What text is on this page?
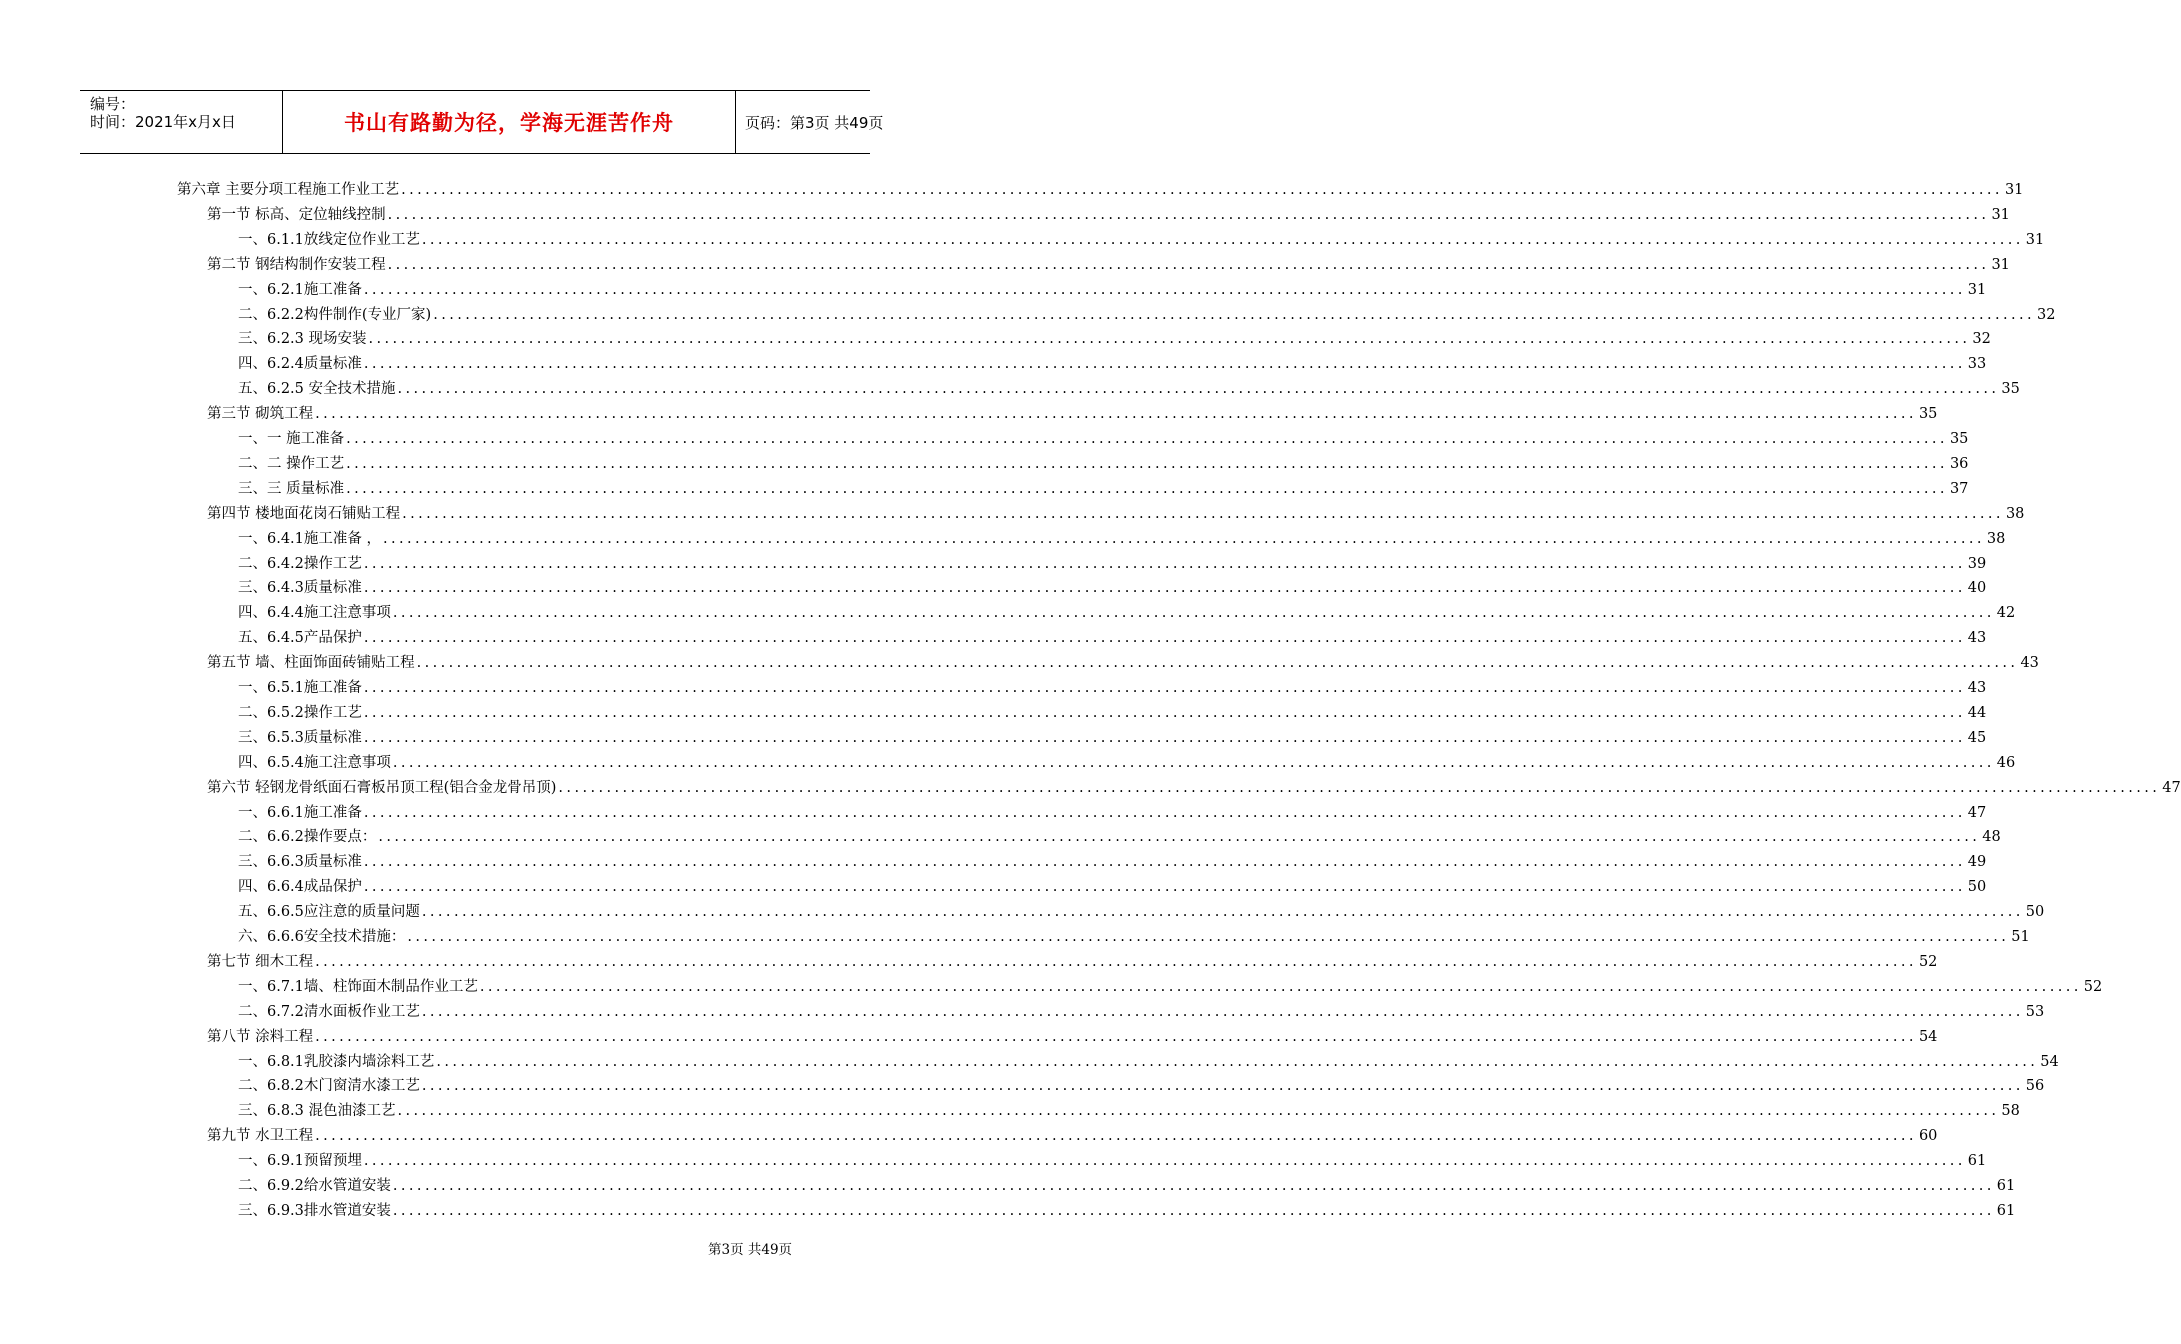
编号：
时间：2021年x月x日	书山有路勤为径，学海无涯苦作舟	页码：第3页 共49页
第六章 主要分项工程施工作业工艺 ........................................................................................................................................................................................................ 31
第一节 标高、定位轴线控制 ........................................................................................................................................................................................................ 31
一、 6.1.1放线定位作业工艺 ........................................................................................................................................................................................................ 31
第二节 钢结构制作安装工程 ........................................................................................................................................................................................................ 31
一、 6.2.1施工准备 ........................................................................................................................................................................................................ 31
二、 6.2.2构件制作(专业厂家) ........................................................................................................................................................................................................ 32
三、 6.2.3 现场安装 ........................................................................................................................................................................................................ 32
四、 6.2.4质量标准 ........................................................................................................................................................................................................ 33
五、 6.2.5 安全技术措施 ........................................................................................................................................................................................................ 35
第三节 砌筑工程 ........................................................................................................................................................................................................ 35
一、 一 施工准备 ........................................................................................................................................................................................................ 35
二、 二 操作工艺 ........................................................................................................................................................................................................ 36
三、 三 质量标准 ........................................................................................................................................................................................................ 37
第四节 楼地面花岗石铺贴工程 ........................................................................................................................................................................................................ 38
一、 6.4.1施工准备 ， ........................................................................................................................................................................................................ 38
二、 6.4.2操作工艺 ........................................................................................................................................................................................................ 39
三、 6.4.3质量标准 ........................................................................................................................................................................................................ 40
四、 6.4.4施工注意事项 ........................................................................................................................................................................................................ 42
五、 6.4.5产品保护 ........................................................................................................................................................................................................ 43
第五节 墙、柱面饰面砖铺贴工程 ........................................................................................................................................................................................................ 43
一、 6.5.1施工准备 ........................................................................................................................................................................................................ 43
二、 6.5.2操作工艺 ........................................................................................................................................................................................................ 44
三、 6.5.3质量标准 ........................................................................................................................................................................................................ 45
四、 6.5.4施工注意事项 ........................................................................................................................................................................................................ 46
第六节 轻钢龙骨纸面石膏板吊顶工程(铝合金龙骨吊顶) ........................................................................................................................................................................................................ 47
一、 6.6.1施工准备 ........................................................................................................................................................................................................ 47
二、 6.6.2操作要点： ........................................................................................................................................................................................................ 48
三、 6.6.3质量标准 ........................................................................................................................................................................................................ 49
四、 6.6.4成品保护 ........................................................................................................................................................................................................ 50
五、 6.6.5应注意的质量问题 ........................................................................................................................................................................................................ 50
六、 6.6.6安全技术措施： ........................................................................................................................................................................................................ 51
第七节 细木工程 ........................................................................................................................................................................................................ 52
一、 6.7.1墙、柱饰面木制品作业工艺 ........................................................................................................................................................................................................ 52
二、 6.7.2清水面板作业工艺 ........................................................................................................................................................................................................ 53
第八节 涂料工程 ........................................................................................................................................................................................................ 54
一、 6.8.1乳胶漆内墙涂料工艺 ........................................................................................................................................................................................................ 54
二、 6.8.2木门窗清水漆工艺 ........................................................................................................................................................................................................ 56
三、 6.8.3 混色油漆工艺 ........................................................................................................................................................................................................ 58
第九节 水卫工程 ........................................................................................................................................................................................................ 60
一、 6.9.1预留预埋 ........................................................................................................................................................................................................ 61
二、 6.9.2给水管道安装 ........................................................................................................................................................................................................ 61
三、 6.9.3排水管道安装 ........................................................................................................................................................................................................ 61
第3页 共49页
